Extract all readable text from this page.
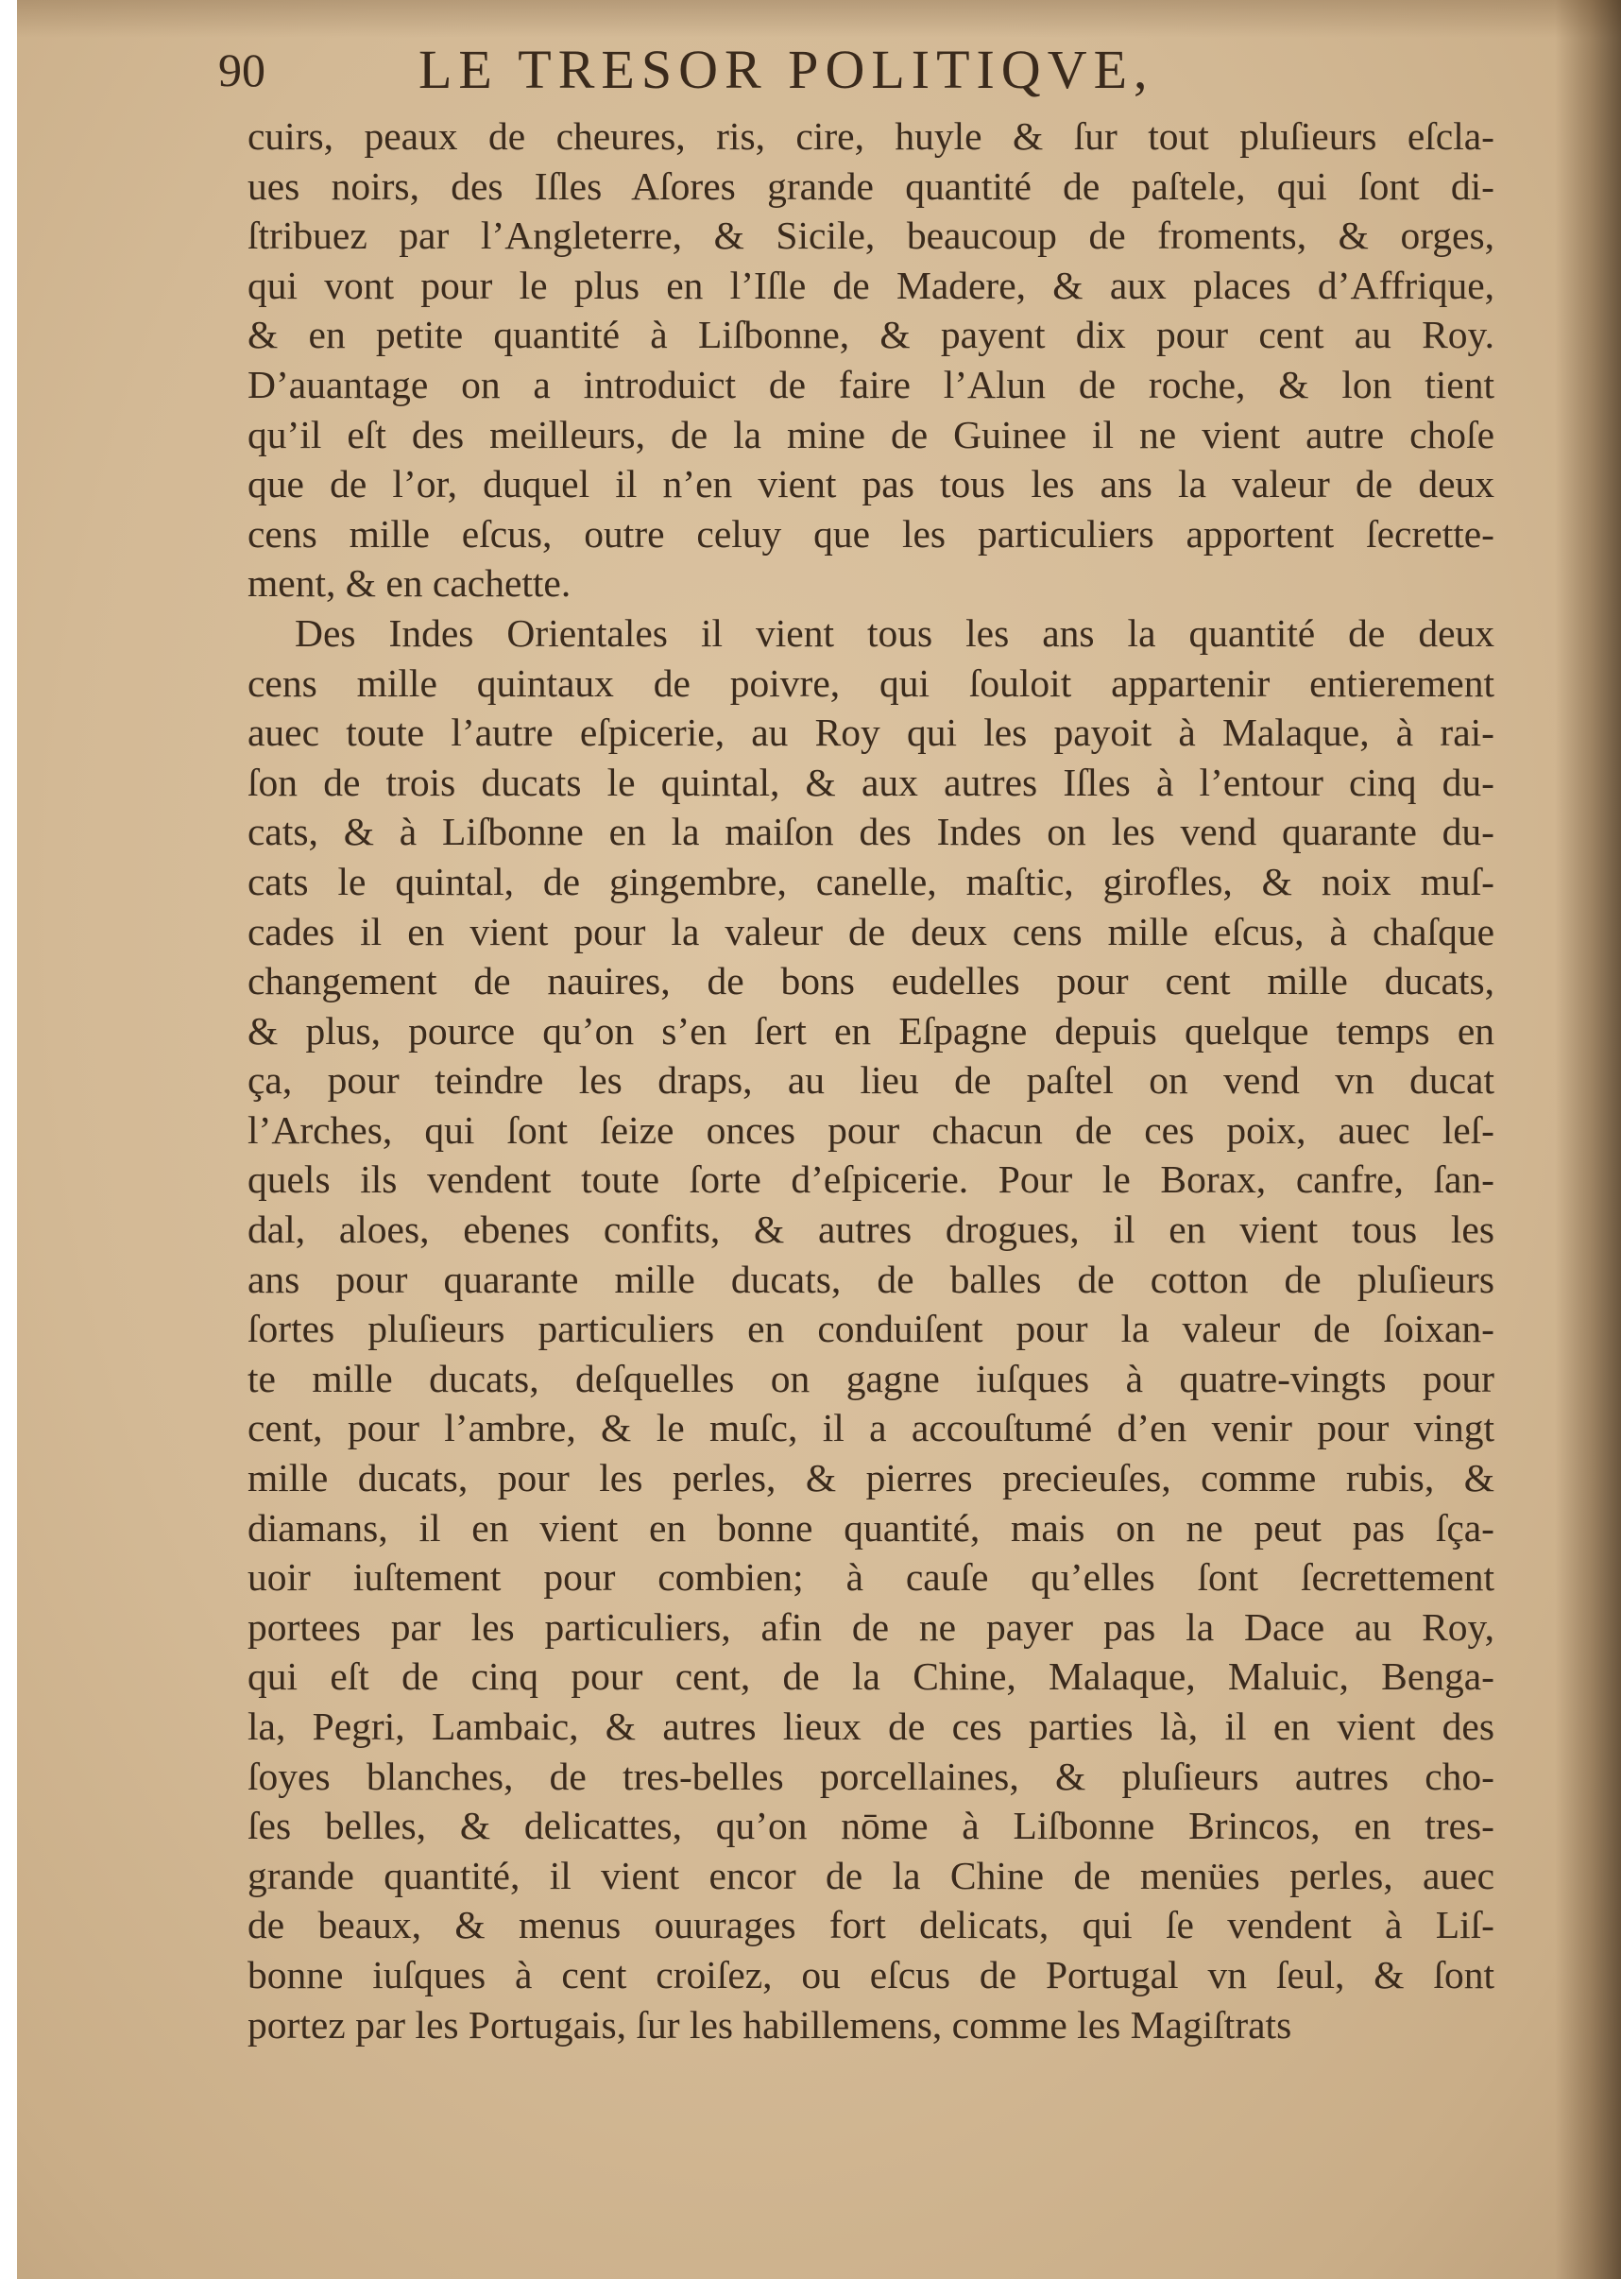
90	LE TRESOR POLITIQVE,
cuirs, peaux de cheures, ris, cire, huyle & ſur tout pluſieurs eſcla-
ues noirs, des Iſles Aſores grande quantité de paſtele, qui ſont di-
ſtribuez par l’Angleterre, & Sicile, beaucoup de froments, & orges,
qui vont pour le plus en l’Iſle de Madere, & aux places d’Affrique,
& en petite quantité à Liſbonne, & payent dix pour cent au Roy.
D’auantage on a introduict de faire l’Alun de roche, & lon tient
qu’il eſt des meilleurs, de la mine de Guinee il ne vient autre choſe
que de l’or, duquel il n’en vient pas tous les ans la valeur de deux
cens mille eſcus, outre celuy que les particuliers apportent ſecrette-
ment, & en cachette.
Des Indes Orientales il vient tous les ans la quantité de deux
cens mille quintaux de poivre, qui ſouloit appartenir entierement
auec toute l’autre eſpicerie, au Roy qui les payoit à Malaque, à rai-
ſon de trois ducats le quintal, & aux autres Iſles à l’entour cinq du-
cats, & à Liſbonne en la maiſon des Indes on les vend quarante du-
cats le quintal, de gingembre, canelle, maſtic, girofles, & noix muſ-
cades il en vient pour la valeur de deux cens mille eſcus, à chaſque
changement de nauires, de bons eudelles pour cent mille ducats,
& plus, pource qu’on s’en ſert en Eſpagne depuis quelque temps en
ça, pour teindre les draps, au lieu de paſtel on vend vn ducat
l’Arches, qui ſont ſeize onces pour chacun de ces poix, auec leſ-
quels ils vendent toute ſorte d’eſpicerie. Pour le Borax, canfre, ſan-
dal, aloes, ebenes confits, & autres drogues, il en vient tous les
ans pour quarante mille ducats, de balles de cotton de pluſieurs
ſortes pluſieurs particuliers en conduiſent pour la valeur de ſoixan-
te mille ducats, deſquelles on gagne iuſques à quatre-vingts pour
cent, pour l’ambre, & le muſc, il a accouſtumé d’en venir pour vingt
mille ducats, pour les perles, & pierres precieuſes, comme rubis, &
diamans, il en vient en bonne quantité, mais on ne peut pas ſça-
uoir iuſtement pour combien; à cauſe qu’elles ſont ſecrettement
portees par les particuliers, afin de ne payer pas la Dace au Roy,
qui eſt de cinq pour cent, de la Chine, Malaque, Maluic, Benga-
la, Pegri, Lambaic, & autres lieux de ces parties là, il en vient des
ſoyes blanches, de tres-belles porcellaines, & pluſieurs autres cho-
ſes belles, & delicattes, qu’on nōme à Liſbonne Brincos, en tres-
grande quantité, il vient encor de la Chine de menües perles, auec
de beaux, & menus ouurages fort delicats, qui ſe vendent à Liſ-
bonne iuſques à cent croiſez, ou eſcus de Portugal vn ſeul, & ſont
portez par les Portugais, ſur les habillemens, comme les Magiſtrats
